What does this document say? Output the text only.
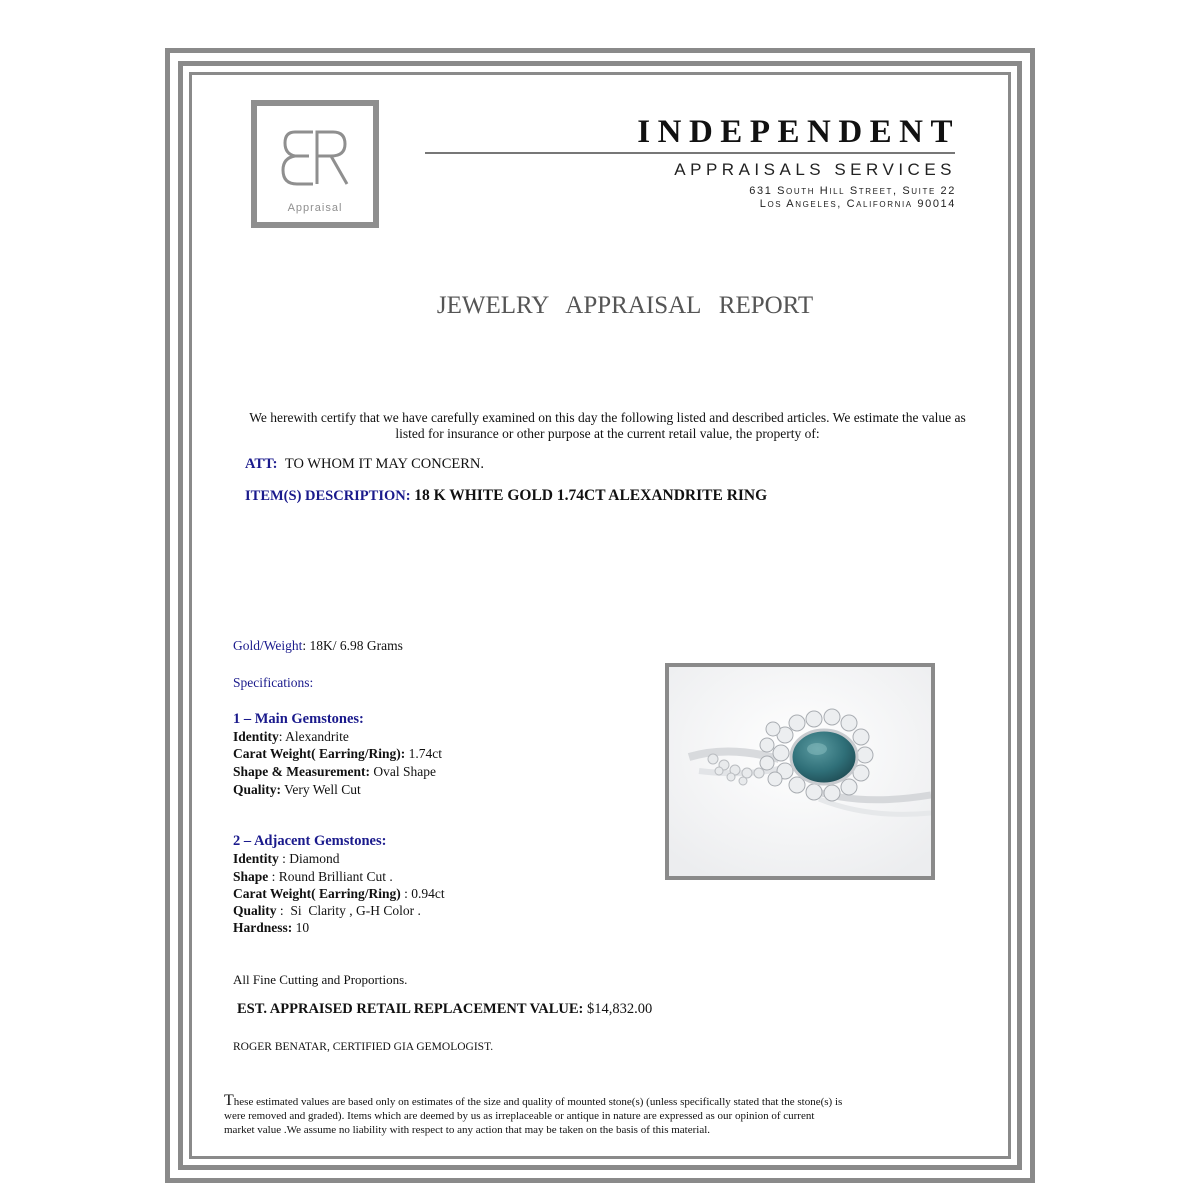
Appraisal
INDEPENDENT
APPRAISALS SERVICES
631 South Hill Street, Suite 22
Los Angeles, California 90014
JEWELRY APPRAISAL REPORT
We herewith certify that we have carefully examined on this day the following listed and described articles. We estimate the value as listed for insurance or other purpose at the current retail value, the property of:
ATT: TO WHOM IT MAY CONCERN.
ITEM(S) DESCRIPTION: 18 K WHITE GOLD 1.74CT ALEXANDRITE RING
Gold/Weight: 18K/ 6.98 Grams
Specifications:
1 – Main Gemstones:
Identity: Alexandrite
Carat Weight( Earring/Ring): 1.74ct
Shape & Measurement: Oval Shape
Quality: Very Well Cut
2 – Adjacent Gemstones:
Identity : Diamond
Shape : Round Brilliant Cut .
Carat Weight( Earring/Ring) : 0.94ct
Quality :  Si  Clarity , G-H Color .
Hardness: 10
All Fine Cutting and Proportions.
EST. APPRAISED RETAIL REPLACEMENT VALUE: $14,832.00
ROGER BENATAR, CERTIFIED GIA GEMOLOGIST.
These estimated values are based only on estimates of the size and quality of mounted stone(s) (unless specifically stated that the stone(s) is
were removed and graded). Items which are deemed by us as irreplaceable or antique in nature are expressed as our opinion of current
market value .We assume no liability with respect to any action that may be taken on the basis of this material.
